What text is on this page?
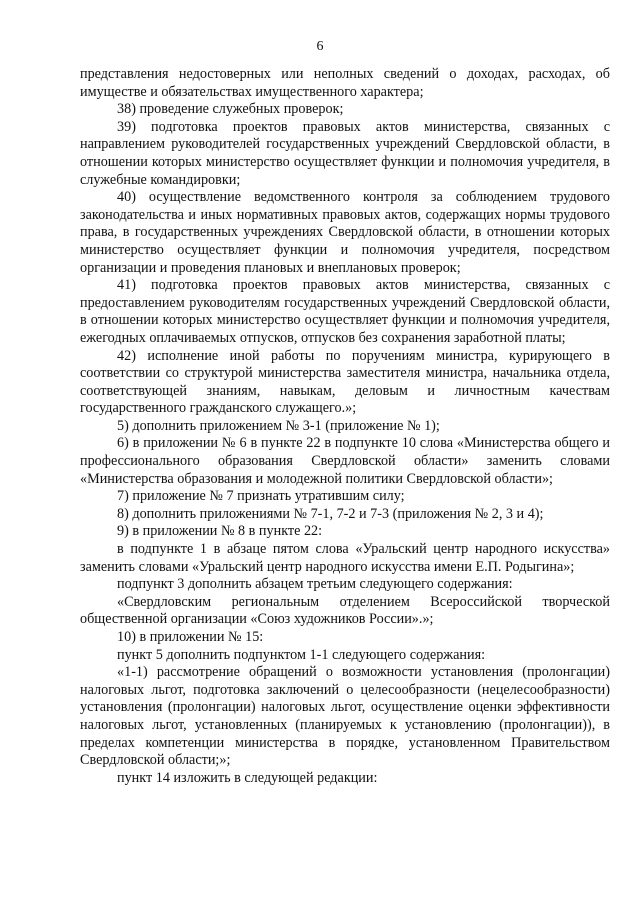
6

представления недостоверных или неполных сведений о доходах, расходах, об имуществе и обязательствах имущественного характера;

38) проведение служебных проверок;

39) подготовка проектов правовых актов министерства, связанных с направлением руководителей государственных учреждений Свердловской области, в отношении которых министерство осуществляет функции и полномочия учредителя, в служебные командировки;

40) осуществление ведомственного контроля за соблюдением трудового законодательства и иных нормативных правовых актов, содержащих нормы трудового права, в государственных учреждениях Свердловской области, в отношении которых министерство осуществляет функции и полномочия учредителя, посредством организации и проведения плановых и внеплановых проверок;

41) подготовка проектов правовых актов министерства, связанных с предоставлением руководителям государственных учреждений Свердловской области, в отношении которых министерство осуществляет функции и полномочия учредителя, ежегодных оплачиваемых отпусков, отпусков без сохранения заработной платы;

42) исполнение иной работы по поручениям министра, курирующего в соответствии со структурой министерства заместителя министра, начальника отдела, соответствующей знаниям, навыкам, деловым и личностным качествам государственного гражданского служащего.»;

5) дополнить приложением № 3-1 (приложение № 1);

6) в приложении № 6 в пункте 22 в подпункте 10 слова «Министерства общего и профессионального образования Свердловской области» заменить словами «Министерства образования и молодежной политики Свердловской области»;

7) приложение № 7 признать утратившим силу;

8) дополнить приложениями № 7-1, 7-2 и 7-3 (приложения № 2, 3 и 4);

9) в приложении № 8 в пункте 22:

в подпункте 1 в абзаце пятом слова «Уральский центр народного искусства» заменить словами «Уральский центр народного искусства имени Е.П. Родыгина»;

подпункт 3 дополнить абзацем третьим следующего содержания:

«Свердловским региональным отделением Всероссийской творческой общественной организации «Союз художников России».»;

10) в приложении № 15:

пункт 5 дополнить подпунктом 1-1 следующего содержания:

«1-1) рассмотрение обращений о возможности установления (пролонгации) налоговых льгот, подготовка заключений о целесообразности (нецелесообразности) установления (пролонгации) налоговых льгот, осуществление оценки эффективности налоговых льгот, установленных (планируемых к установлению (пролонгации)), в пределах компетенции министерства в порядке, установленном Правительством Свердловской области;»;

пункт 14 изложить в следующей редакции:
